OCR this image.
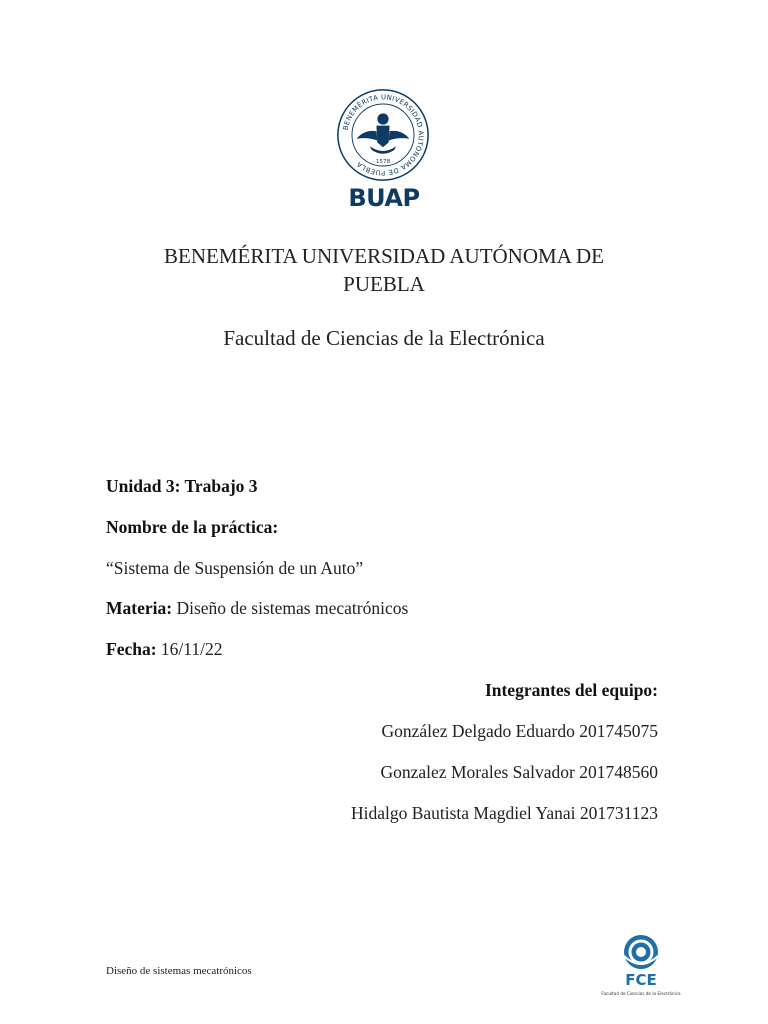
BENEMÉRITA UNIVERSIDAD AUTÓNOMA DE PUEBLA	· 1578 ·
BUAP
BENEMÉRITA UNIVERSIDAD AUTÓNOMA DE
PUEBLA
Facultad de Ciencias de la Electrónica
Unidad 3: Trabajo 3
Nombre de la práctica:
“Sistema de Suspensión de un Auto”
Materia: Diseño de sistemas mecatrónicos
Fecha: 16/11/22
Integrantes del equipo:
González Delgado Eduardo 201745075
Gonzalez Morales Salvador 201748560
Hidalgo Bautista Magdiel Yanai 201731123
Diseño de sistemas mecatrónicos	FCE
Facultad de Ciencias de la Electrónica
